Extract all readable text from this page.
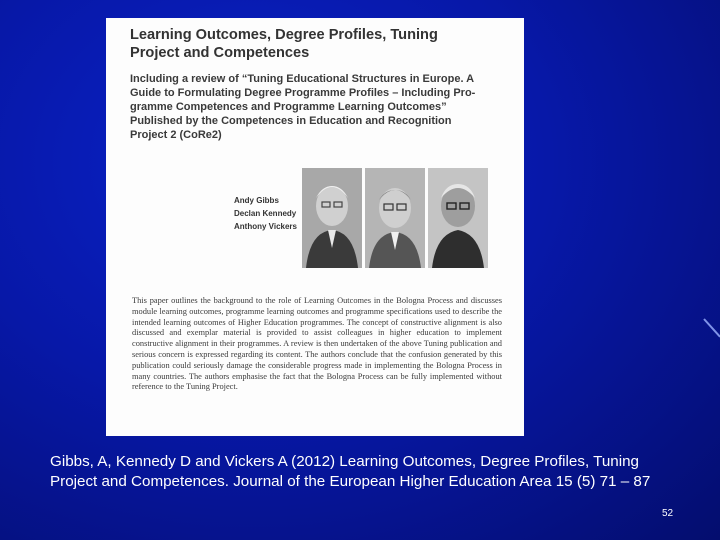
Learning Outcomes, Degree Profiles, Tuning Project and Competences

Including a review of “Tuning Educational Structures in Europe. A Guide to Formulating Degree Programme Profiles – Including Pro- gramme Competences and Programme Learning Outcomes” Published by the Competences in Education and Recognition Project 2 (CoRe2)

Andy Gibbs
Declan Kennedy
Anthony Vickers

This paper outlines the background to the role of Learning Outcomes in the Bologna Process and discusses module learning outcomes, programme learning outcomes and programme specifications used to describe the intended learning outcomes of Higher Education programmes. The concept of constructive alignment is also discussed and exemplar material is provided to assist colleagues in higher education to implement constructive alignment in their programmes. A review is then undertaken of the above Tuning publication and serious concern is expressed regarding its content. The authors conclude that the confusion generated by this publication could seriously damage the considerable progress made in implementing the Bologna Process in many countries. The authors emphasise the fact that the Bologna Process can be fully implemented without reference to the Tuning Project.

Gibbs, A, Kennedy D and Vickers A (2012) Learning Outcomes, Degree Profiles, Tuning Project and Competences. Journal of the European Higher Education Area 15 (5) 71 – 87
52
